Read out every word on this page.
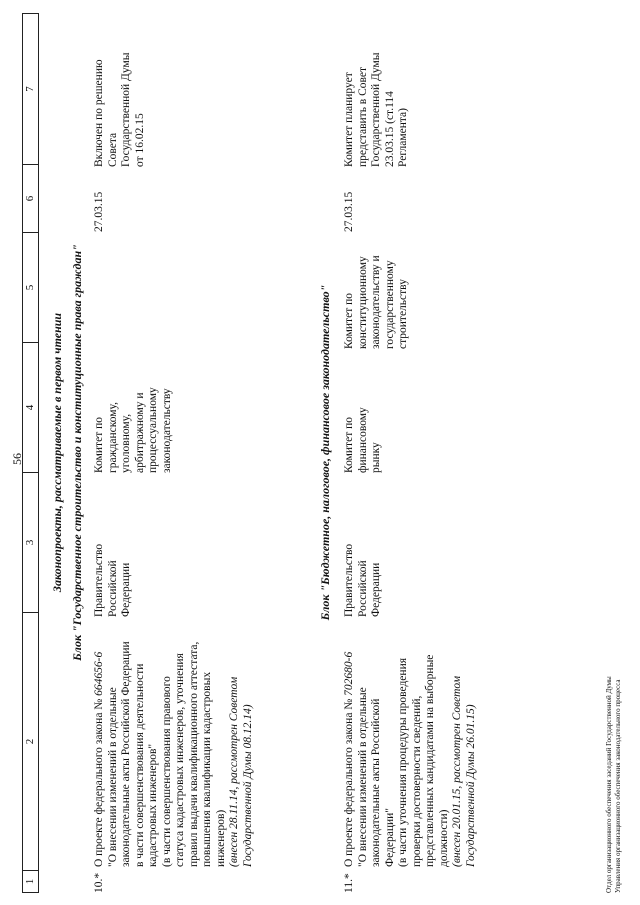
56
1
2
3
4
5
6
7
Законопроекты, рассматриваемые в первом чтении Блок "Государственное строительство и конституционные права граждан"
10.*
О проекте федерального закона № 664656-6
"О внесении изменений в отдельные законодательные акты Российской Федерации в части совершенствования деятельности кадастровых инженеров" (в части совершенствования правового статуса кадастровых инженеров, уточнения правил выдачи квалификационного аттестата, повышения квалификации кадастровых инженеров) (внесен 28.11.14, рассмотрен Советом Государственной Думы 08.12.14)
Правительство Российской Федерации
Комитет по гражданскому, уголовному, арбитражному и процессуальному законодательству
27.03.15
Включен по решению Совета Государственной Думы от 16.02.15
Блок "Бюджетное, налоговое, финансовое законодательство"
11.*
О проекте федерального закона № 702680-6
"О внесении изменений в отдельные законодательные акты Российской Федерации" (в части уточнения процедуры проведения проверки достоверности сведений, представленных кандидатами на выборные должности) (внесен 20.01.15, рассмотрен Советом Государственной Думы 26.01.15)
Правительство Российской Федерации
Комитет по финансовому рынку
Комитет по конституционному законодательству и государственному строительству
27.03.15
Комитет планирует представить в Совет Государственной Думы 23.03.15 (ст.114 Регламента)
Отдел организационного обеспечения заседаний Государственной Думы Управления организационного обеспечения законодательного процесса
